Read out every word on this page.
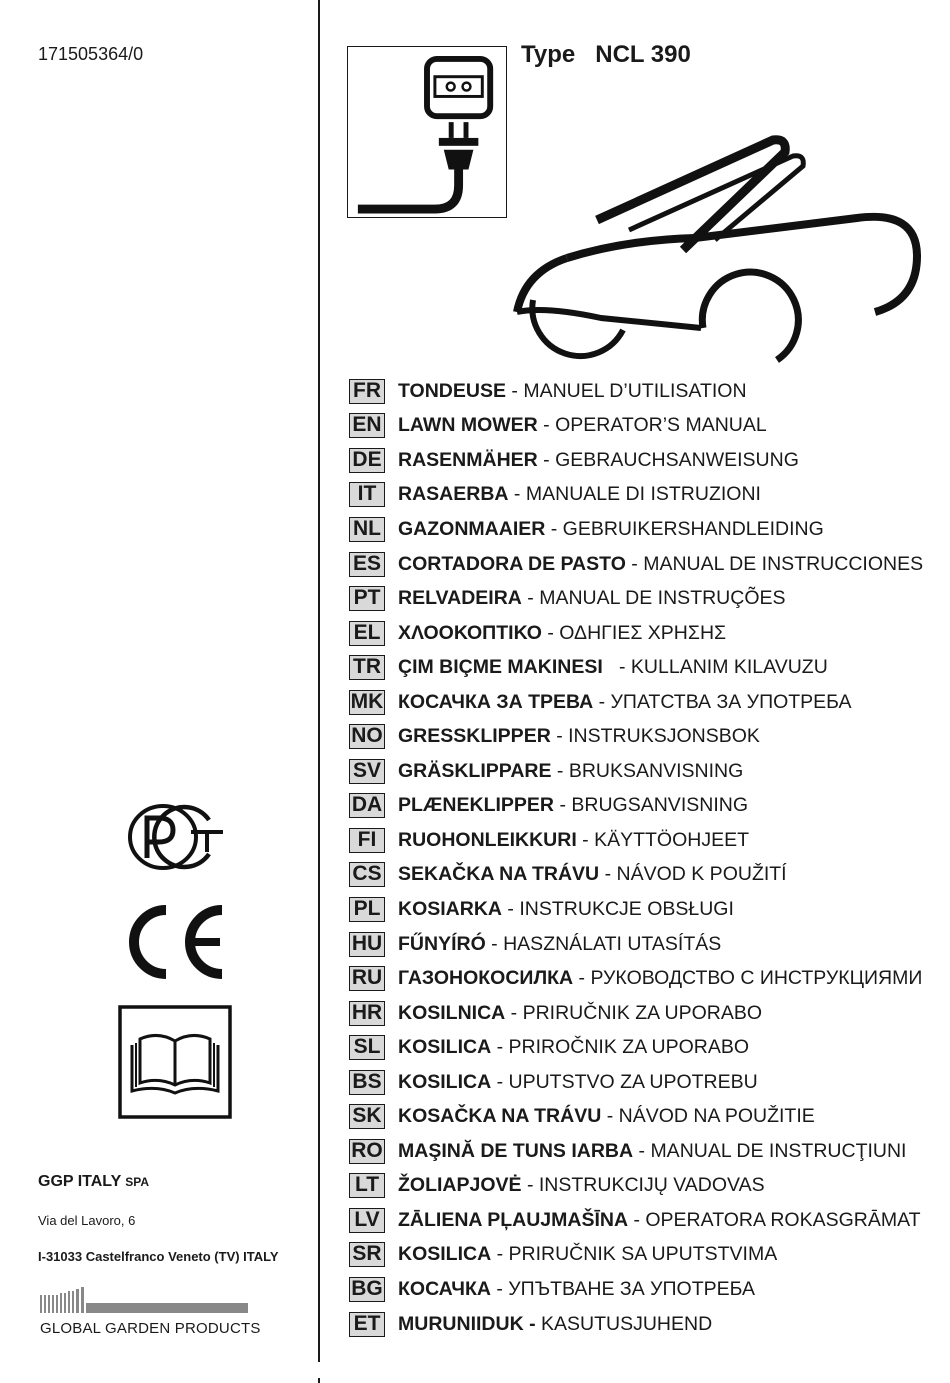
171505364/0	Type NCL 390
FR TONDEUSE - MANUEL D’UTILISATION
EN LAWN MOWER - OPERATOR’S MANUAL
DE RASENMÄHER - GEBRAUCHSANWEISUNG
IT	RASAERBA - MANUALE DI ISTRUZIONI
NL GAZONMAAIER - GEBRUIKERSHANDLEIDING
ES CORTADORA DE PASTO - MANUAL DE INSTRUCCIONES
PT RELVADEIRA - MANUAL DE INSTRUÇÕES
EL ΧΛΟΟΚΟΠΤΙΚΟ - ΟΔΗΓΙΕΣ ΧΡΗΣΗΣ
TR ÇIM BIÇME MAKINESI - KULLANIM KILAVUZU
MK КОСАЧКА ЗА ТРЕВА - УПАТСТВА ЗА УПОТРЕБА
NO GRESSKLIPPER - INSTRUKSJONSBOK
SV GRÄSKLIPPARE - BRUKSANVISNING
DA PLÆNEKLIPPER - BRUGSANVISNING
FI	RUOHONLEIKKURI - KÄYTTÖOHJEET
CS SEKAČKA NA TRÁVU - NÁVOD K POUŽITÍ
PL KOSIARKA - INSTRUKCJE OBSŁUGI
HU FŰNYÍRÓ - HASZNÁLATI UTASÍTÁS
RU ГАЗОНОКОСИЛКА - РУКОВОДСТВО С ИНСТРУКЦИЯМИ
HR KOSILNICA - PRIRUČNIK ZA UPORABO
SL KOSILICA - PRIROČNIK ZA UPORABO
BS KOSILICA - UPUTSTVO ZA UPOTREBU
SK KOSAČKA NA TRÁVU - NÁVOD NA POUŽITIE
RO MAŞINĂ DE TUNS IARBA - MANUAL DE INSTRUCŢIUNI
LT ŽOLIAPJOVĖ - INSTRUKCIJŲ VADOVAS
LV ZĀLIENA PĻAUJMAŠĪNA - OPERATORA ROKASGRĀMAT
SR KOSILICA - PRIRUČNIK SA UPUTSTVIMA
BG КОСАЧКА - УПЪТВАНЕ ЗА УПОТРЕБА
ET MURUNIIDUK -
KASUTUSJUHEND
GGP ITALY SPA
Via del Lavoro, 6
I-31033 Castelfranco Veneto (TV) ITALY
GLOBAL GARDEN PRODUCTS
